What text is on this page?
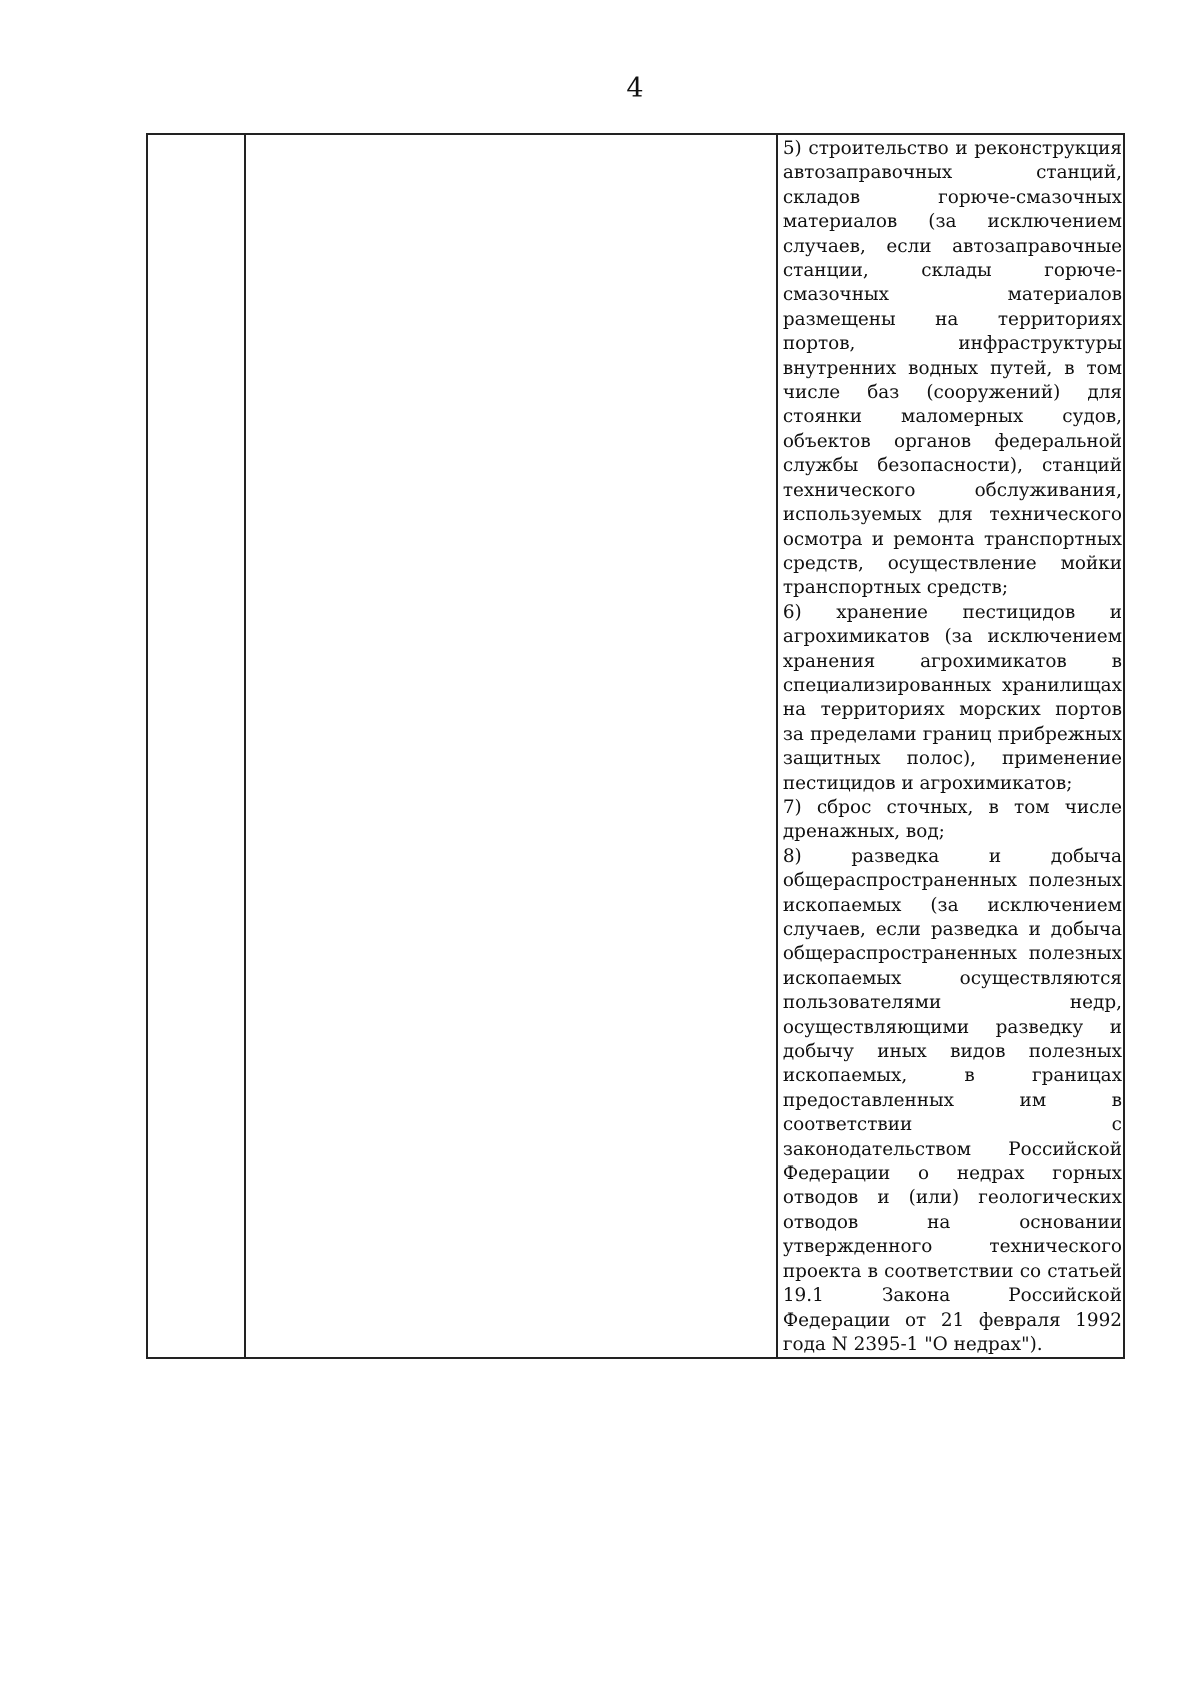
4

5) строительство и реконструкция автозаправочных станций, складов горюче-смазочных материалов (за исключением случаев, если автозаправочные станции, склады горюче-смазочных материалов размещены на территориях портов, инфраструктуры внутренних водных путей, в том числе баз (сооружений) для стоянки маломерных судов, объектов органов федеральной службы безопасности), станций технического обслуживания, используемых для технического осмотра и ремонта транспортных средств, осуществление мойки транспортных средств;

6) хранение пестицидов и агрохимикатов (за исключением хранения агрохимикатов в специализированных хранилищах на территориях морских портов за пределами границ прибрежных защитных полос), применение пестицидов и агрохимикатов;

7) сброс сточных, в том числе дренажных, вод;

8) разведка и добыча общераспространенных полезных ископаемых (за исключением случаев, если разведка и добыча общераспространенных полезных ископаемых осуществляются пользователями недр, осуществляющими разведку и добычу иных видов полезных ископаемых, в границах предоставленных им в соответствии с законодательством Российской Федерации о недрах горных отводов и (или) геологических отводов на основании утвержденного технического проекта в соответствии со статьей 19.1 Закона Российской Федерации от 21 февраля 1992 года N 2395-1 "О недрах").
